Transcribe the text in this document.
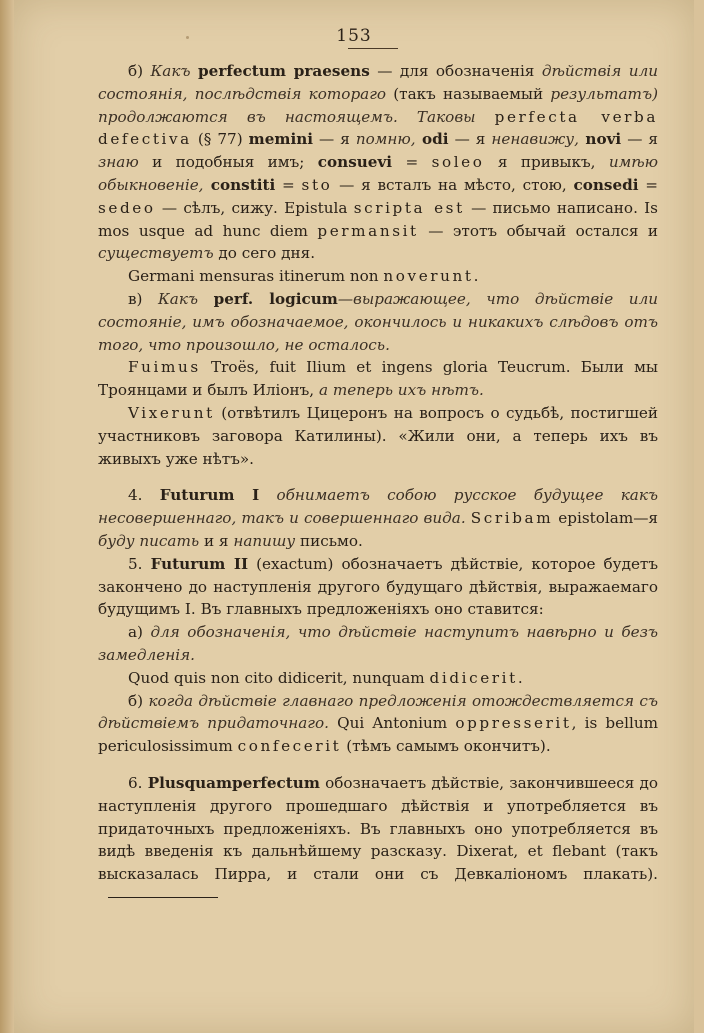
153

б) Какъ perfectum praesens — для обозначенія дѣйствія или состоянія, послѣдствія котораго (такъ называемый результатъ) продолжаются въ настоящемъ. Таковы perfecta verba defectiva (§ 77) memini — я помню, odi — я ненавижу, novi — я знаю и подобныя имъ; consuevi = soleo я привыкъ, имѣю обыкновеніе, constiti = sto — я всталъ на мѣсто, стою, consedi = sedeo — сѣлъ, сижу. Epistula scripta est — письмо написано. Is mos usque ad hunc diem permansit — этотъ обычай остался и существуетъ до сего дня.

Germani mensuras itinerum non noverunt.

в) Какъ perf. logicum—выражающее, что дѣйствіе или состояніе, имъ обозначаемое, окончилось и никакихъ слѣдовъ отъ того, что произошло, не осталось.

Fuimus Troës, fuit Ilium et ingens gloria Teucrum. Были мы Троянцами и былъ Иліонъ, а теперь ихъ нѣтъ.

Vixerunt (отвѣтилъ Цицеронъ на вопросъ о судьбѣ, постигшей участниковъ заговора Катилины). «Жили они, а теперь ихъ въ живыхъ уже нѣтъ».

4. Futurum I обнимаетъ собою русское будущее какъ несовершеннаго, такъ и совершеннаго вида. Scribam epistolam—я буду писать и я напишу письмо.

5. Futurum II (exactum) обозначаетъ дѣйствіе, которое будетъ закончено до наступленія другого будущаго дѣйствія, выражаемаго будущимъ I. Въ главныхъ предложеніяхъ оно ставится:

а) для обозначенія, что дѣйствіе наступитъ навѣрно и безъ замедленія.

Quod quis non cito didicerit, nunquam didicerit.

б) когда дѣйствіе главнаго предложенія отождествляется съ дѣйствіемъ придаточнаго. Qui Antonium oppresserit, is bellum periculosissimum confecerit (тѣмъ самымъ окончитъ).

6. Plusquamperfectum обозначаетъ дѣйствіе, закончившееся до наступленія другого прошедшаго дѣйствія и употребляется въ придаточныхъ предложеніяхъ. Въ главныхъ оно употребляется въ видѣ введенія къ дальнѣйшему разсказу. Dixerat, et flebant (такъ высказалась Пирра, и стали они съ Девкаліономъ плакать).
